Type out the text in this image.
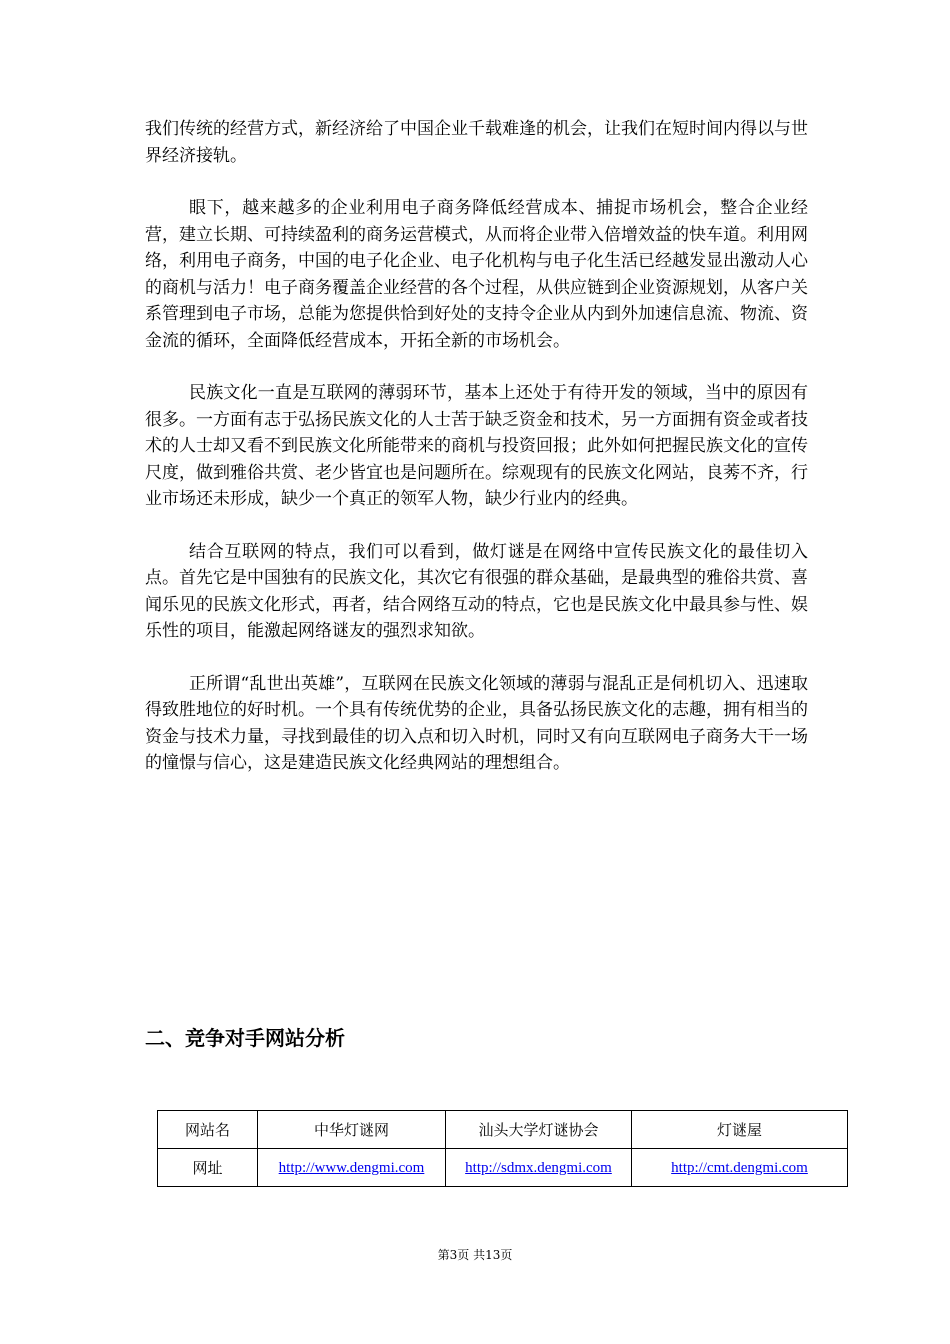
我们传统的经营方式，新经济给了中国企业千载难逢的机会，让我们在短时间内得以与世界经济接轨。

眼下，越来越多的企业利用电子商务降低经营成本、捕捉市场机会，整合企业经营，建立长期、可持续盈利的商务运营模式，从而将企业带入倍增效益的快车道。利用网络，利用电子商务，中国的电子化企业、电子化机构与电子化生活已经越发显出激动人心的商机与活力！电子商务覆盖企业经营的各个过程，从供应链到企业资源规划，从客户关系管理到电子市场，总能为您提供恰到好处的支持令企业从内到外加速信息流、物流、资金流的循环，全面降低经营成本，开拓全新的市场机会。

民族文化一直是互联网的薄弱环节，基本上还处于有待开发的领域，当中的原因有很多。一方面有志于弘扬民族文化的人士苦于缺乏资金和技术，另一方面拥有资金或者技术的人士却又看不到民族文化所能带来的商机与投资回报；此外如何把握民族文化的宣传尺度，做到雅俗共赏、老少皆宜也是问题所在。综观现有的民族文化网站，良莠不齐，行业市场还未形成，缺少一个真正的领军人物，缺少行业内的经典。

结合互联网的特点，我们可以看到，做灯谜是在网络中宣传民族文化的最佳切入点。首先它是中国独有的民族文化，其次它有很强的群众基础，是最典型的雅俗共赏、喜闻乐见的民族文化形式，再者，结合网络互动的特点，它也是民族文化中最具参与性、娱乐性的项目，能激起网络谜友的强烈求知欲。

正所谓“乱世出英雄”，互联网在民族文化领域的薄弱与混乱正是伺机切入、迅速取得致胜地位的好时机。一个具有传统优势的企业，具备弘扬民族文化的志趣，拥有相当的资金与技术力量，寻找到最佳的切入点和切入时机，同时又有向互联网电子商务大干一场的憧憬与信心，这是建造民族文化经典网站的理想组合。

二、竞争对手网站分析
网站名	中华灯谜网	汕头大学灯谜协会	灯谜屋
网址	http://www.dengmi.com	http://sdmx.dengmi.com	http://cmt.dengmi.com
第3页 共13页
